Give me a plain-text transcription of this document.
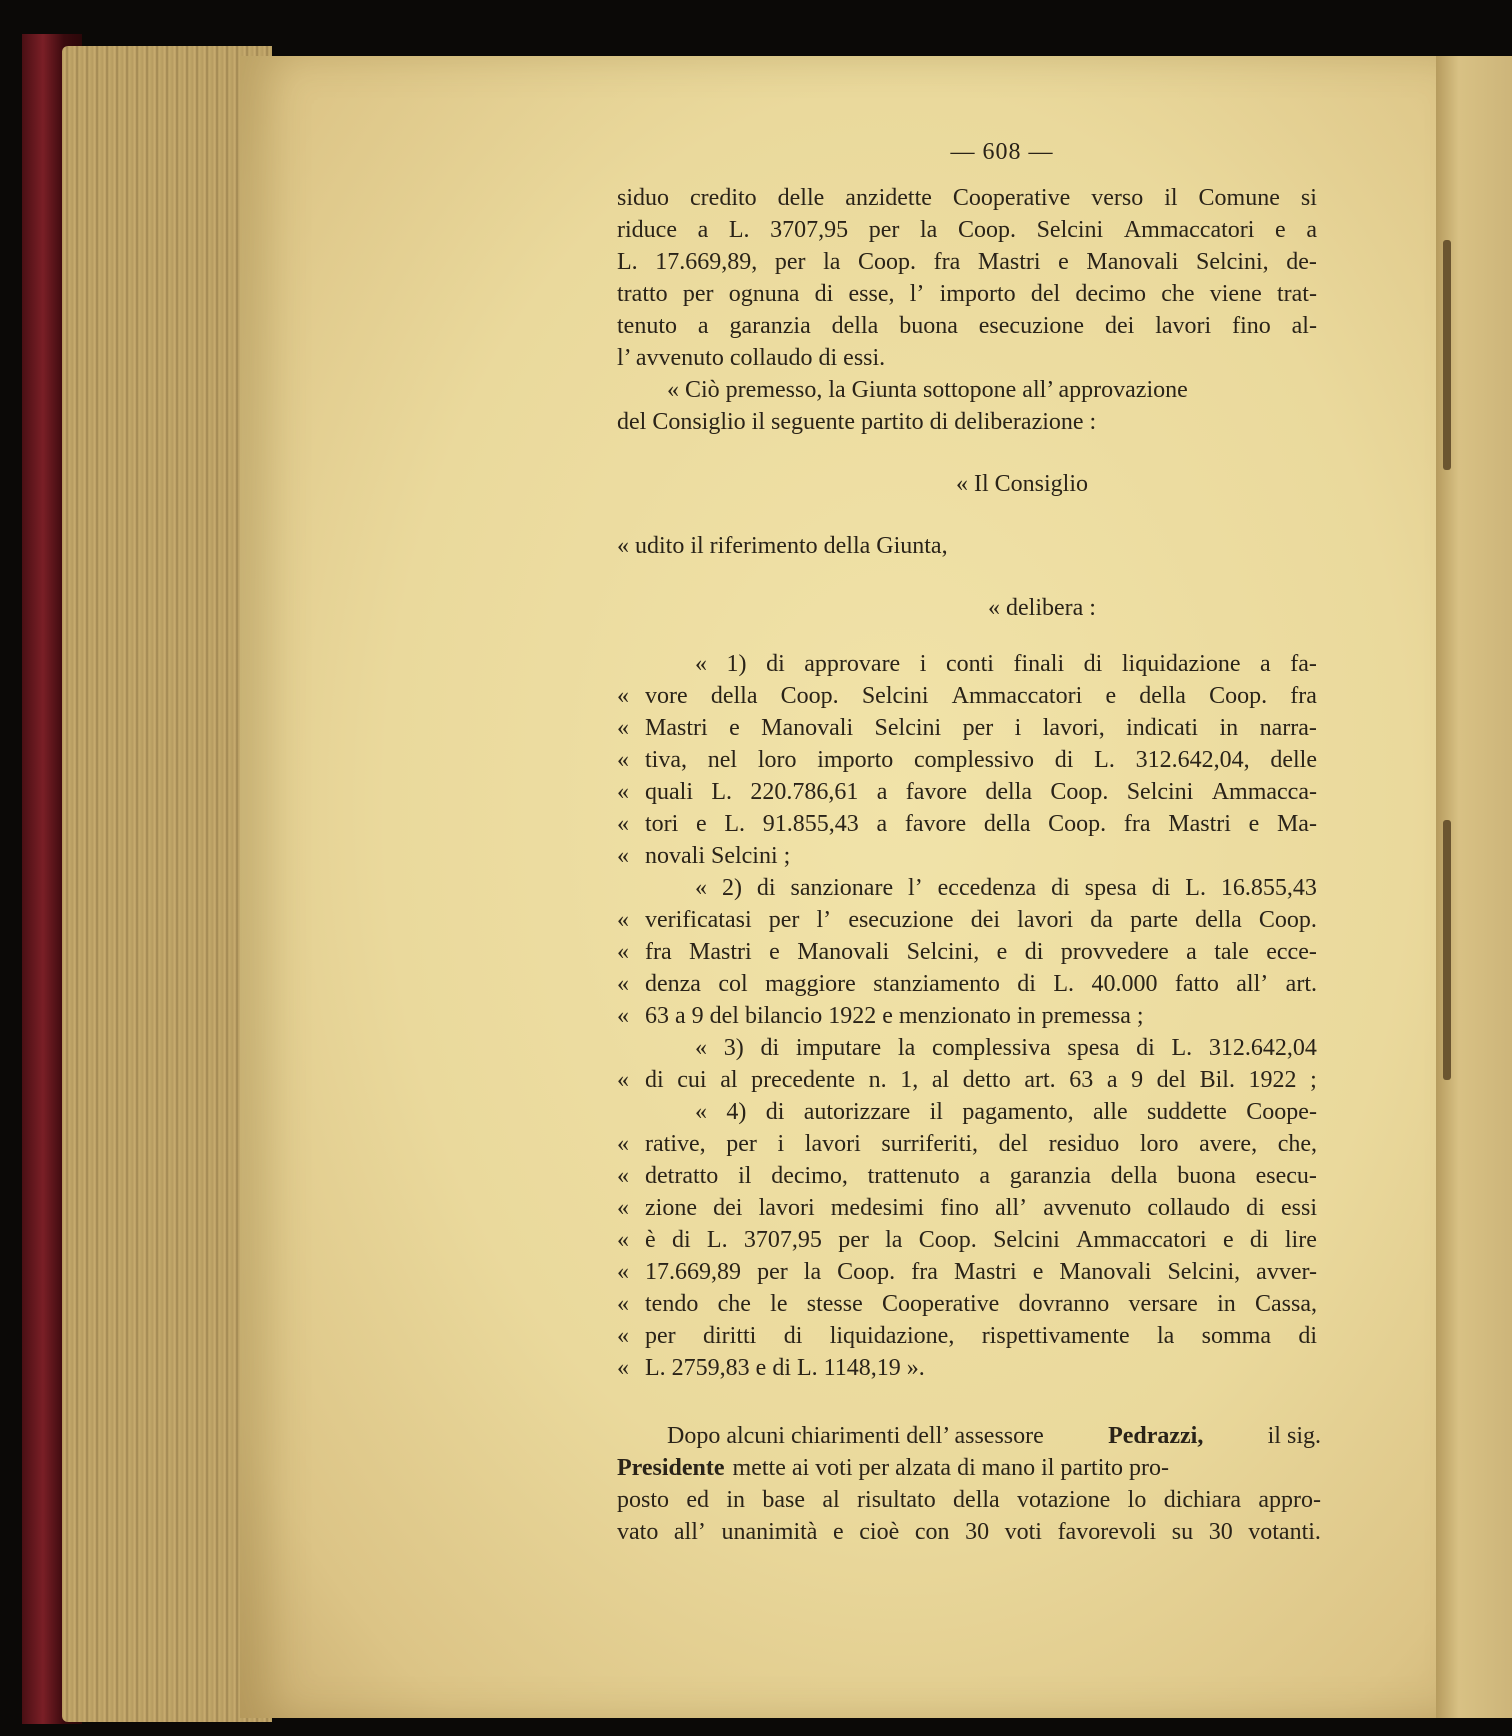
— 608 —
siduo credito delle anzidette Cooperative verso il Comune si
riduce a L. 3707,95 per la Coop. Selcini Ammaccatori e a
L. 17.669,89, per la Coop. fra Mastri e Manovali Selcini, de-
tratto per ognuna di esse, l’ importo del decimo che viene trat-
tenuto a garanzia della buona esecuzione dei lavori fino al-
l’ avvenuto collaudo di essi.
« Ciò premesso, la Giunta sottopone all’ approvazione
del Consiglio il seguente partito di deliberazione :
« Il Consiglio
« udito il riferimento della Giunta,
« delibera :
« 1) di approvare i conti finali di liquidazione a fa-
« vore della Coop. Selcini Ammaccatori e della Coop. fra
« Mastri e Manovali Selcini per i lavori, indicati in narra-
« tiva, nel loro importo complessivo di L. 312.642,04, delle
« quali L. 220.786,61 a favore della Coop. Selcini Ammacca-
« tori e L. 91.855,43 a favore della Coop. fra Mastri e Ma-
« novali Selcini ;
« 2) di sanzionare l’ eccedenza di spesa di L. 16.855,43
« verificatasi per l’ esecuzione dei lavori da parte della Coop.
« fra Mastri e Manovali Selcini, e di provvedere a tale ecce-
« denza col maggiore stanziamento di L. 40.000 fatto all’ art.
« 63 a 9 del bilancio 1922 e menzionato in premessa ;
« 3) di imputare la complessiva spesa di L. 312.642,04
« di cui al precedente n. 1, al detto art. 63 a 9 del Bil. 1922 ;
« 4) di autorizzare il pagamento, alle suddette Coope-
« rative, per i lavori surriferiti, del residuo loro avere, che,
« detratto il decimo, trattenuto a garanzia della buona esecu-
« zione dei lavori medesimi fino all’ avvenuto collaudo di essi
« è di L. 3707,95 per la Coop. Selcini Ammaccatori e di lire
« 17.669,89 per la Coop. fra Mastri e Manovali Selcini, avver-
« tendo che le stesse Cooperative dovranno versare in Cassa,
« per diritti di liquidazione, rispettivamente la somma di
« L. 2759,83 e di L. 1148,19 ».
Dopo alcuni chiarimenti dell’ assessore	Pedrazzi,	il sig.
Presidente mette ai voti per alzata di mano il partito pro-
posto ed in base al risultato della votazione lo dichiara appro-
vato all’ unanimità e cioè con 30 voti favorevoli su 30 votanti.
